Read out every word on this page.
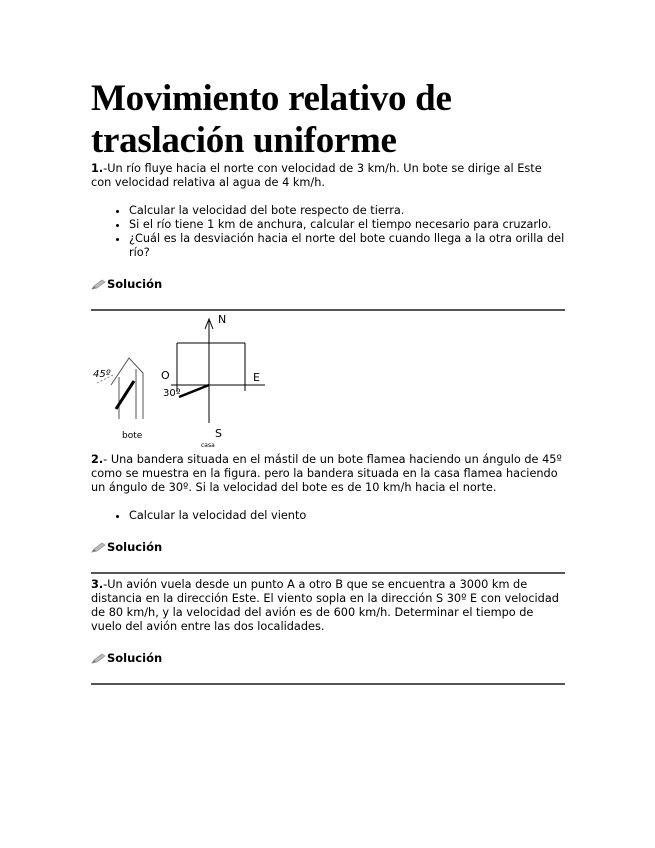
Movimiento relativo de traslación uniforme

1.-Un río fluye hacia el norte con velocidad de 3 km/h. Un bote se dirige al Este con velocidad relativa al agua de 4 km/h.

• Calcular la velocidad del bote respecto de tierra.
• Si el río tiene 1 km de anchura, calcular el tiempo necesario para cruzarlo.
• ¿Cuál es la desviación hacia el norte del bote cuando llega a la otra orilla del río?
Solución
45º
bote
N
O	E
30º
S
casa

2.- Una bandera situada en el mástil de un bote flamea haciendo un ángulo de 45º como se muestra en la figura. pero la bandera situada en la casa flamea haciendo un ángulo de 30º. Si la velocidad del bote es de 10 km/h hacia el norte.

• Calcular la velocidad del viento
Solución

3.-Un avión vuela desde un punto A a otro B que se encuentra a 3000 km de distancia en la dirección Este. El viento sopla en la dirección S 30º E con velocidad de 80 km/h, y la velocidad del avión es de 600 km/h. Determinar el tiempo de vuelo del avión entre las dos localidades.

Solución
